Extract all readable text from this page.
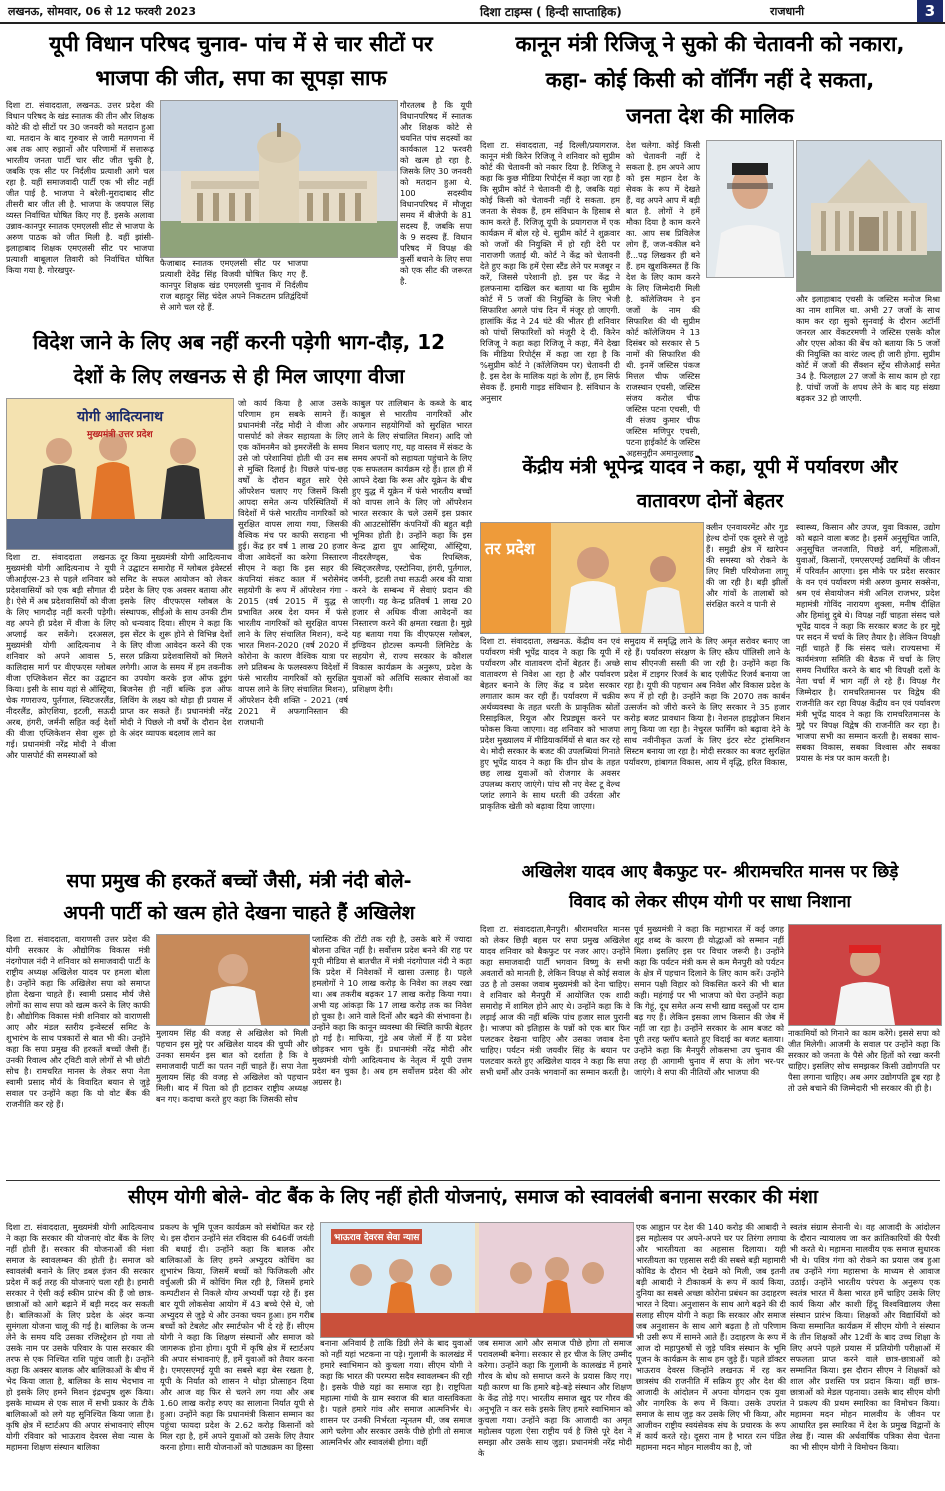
लखनऊ, सोमवार, 06 से 12 फरवरी 2023	दिशा टाइम्स ( हिन्दी साप्ताहिक)	राजधानी	3
यूपी विधान परिषद चुनाव- पांच में से चार सीटों पर
भाजपा की जीत, सपा का सूपड़ा साफ
दिशा टा. संवाददाता, लखनऊ. उत्तर प्रदेश की विधान परिषद के खंड स्नातक की तीन और शिक्षक कोटे की दो सीटों पर 30 जनवरी को मतदान हुआ था. मतदान के बाद गुरुवार से जारी मतगणना में अब तक आए रुझानों और परिणामों में सत्तारूढ़ भारतीय जनता पार्टी चार सीट जीत चुकी है, जबकि एक सीट पर निर्दलीय प्रत्याशी आगे चल रहा है. यहीं समाजवादी पार्टी एक भी सीट नहीं जीत पाई है. भाजपा ने बरेली-मुरादाबाद सीट तीसरी बार जीत ली है. भाजपा के जयपाल सिंह व्यस्त निर्वाचित घोषित किए गए हैं. इसके अलावा उन्नाव-कानपुर स्नातक एमएलसी सीट से भाजपा के अरुण पाठक को जीत मिली है. वहीं झांसी-इलाहाबाद शिक्षक एमएलसी सीट पर भाजपा प्रत्याशी बाबूलाल तिवारी को निर्वाचित घोषित किया गया है. गोरखपुर-
गौरतलब है कि यूपी विधानपरिषद में स्नातक और शिक्षक कोटे से चयनित पांच सदस्यों का कार्यकाल 12 फरवरी को खत्म हो रहा है. जिसके लिए 30 जनवरी को मतदान हुआ थे. 100 सदस्यीय विधानपरिषद में मौजूदा समय में बीजेपी के 81 सदस्य हैं, जबकि सपा के 9 सदस्य हैं. विधान परिषद में विपक्ष की कुर्सी बचाने के लिए सपा को एक सीट की जरूरत है.
फैजाबाद स्नातक एमएलसी सीट पर भाजपा प्रत्याशी देवेंद्र सिंह विजयी घोषित किए गए हैं. कानपुर शिक्षक खंड एमएलसी चुनाव में निर्दलीय राज बहादुर सिंह चंदेल अपने निकटतम प्रतिद्वंदियों से आगे चल रहे हैं.
कानून मंत्री रिजिजू ने सुको की चेतावनी को नकारा,
कहा- कोई किसी को वॉर्निंग नहीं दे सकता,
जनता देश की मालिक
दिशा टा. संवाददाता, नई दिल्ली/प्रयागराज. कानून मंत्री किरेन रिजिजू ने शनिवार को सुप्रीम कोर्ट की चेतावनी को नकार दिया है. रिजिजू ने कहा कि कुछ मीडिया रिपोर्ट्स में कहा जा रहा है कि सुप्रीम कोर्ट ने चेतावनी दी है, जबकि यहां कोई किसी को चेतावनी नहीं दे सकता. हम जनता के सेवक हैं, हम संविधान के हिसाब से काम करते हैं. रिजिजू यूपी के प्रयागराज में एक कार्यक्रम में बोल रहे थे. सुप्रीम कोर्ट ने शुक्रवार को जजों की नियुक्ति में हो रही देरी पर नाराजगी जताई थी. कोर्ट ने केंद्र को चेतावनी देते हुए कहा कि हमें ऐसा स्टैंड लेने पर मजबूर न करें, जिससे परेशानी हो. इस पर केंद्र ने हलफनामा दाखिल कर बताया था कि सुप्रीम कोर्ट में 5 जजों की नियुक्ति के लिए भेजी सिफारिश अगले पांच दिन में मंजूर हो जाएगी. हालांकि केंद्र ने 24 घंटे की भीतर ही शनिवार को पांचों सिफारिशों को मंजूरी दे दी. किरेन रिजिजू ने कहा कहा रिजिजू ने कहा, मैंने देखा कि मीडिया रिपोर्ट्स में कहा जा रहा है कि %सुप्रीम कोर्ट ने (कॉलेजियम पर) चेतावनी दी है. इस देश के मालिक यहां के लोग हैं, हम सिर्फ सेवक हैं. हमारी गाइड संविधान है. संविधान के अनुसार
देश चलेगा. कोई किसी को चेतावनी नहीं दे सकता है. हम अपने आप को इस महान देश के सेवक के रूप में देखते हैं, वह अपने आप में बड़ी बात है. लोगों ने हमें मौका दिया है काम करने का. आप सब प्रिविलेज लोग हैं, जज-वकील बने हैं...पढ़ लिखकर ही बने हैं. हम खुशकिस्मत हैं कि देश के लिए काम करने के लिए जिम्मेदारी मिली है. कॉलेजियम ने इन जजों के नाम की सिफारिश की थी सुप्रीम कोर्ट कॉलेजियम ने 13 दिसंबर को सरकार से 5 नामों की सिफारिश की थी. इनमें जस्टिस पंकज मित्तल चीफ जस्टिस राजस्थान एचसी, जस्टिस संजय करोल चीफ जस्टिस पटना एचसी, पी वी संजय कुमार चीफ जस्टिस मणिपुर एचसी, पटना हाईकोर्ट के जस्टिस अहसनुद्दीन अमानुल्लाह
और इलाहाबाद एचसी के जस्टिस मनोज मिश्रा का नाम शामिल था. अभी 27 जजों के साथ काम कर रहा सुको सुनवाई के दौरान अटॉर्नी जनरल आर वेंकटरमणी ने जस्टिस एसके कौल और एएस ओका की बेंच को बताया कि 5 जजों की नियुक्ति का वारंट जल्द ही जारी होगा. सुप्रीम कोर्ट में जजों की सैंक्शन स्ट्रेंथ सीजेआई समेत 34 है. फिलहाल 27 जजों के साथ काम हो रहा है. पांचों जजों के शपथ लेने के बाद यह संख्या बढ़कर 32 हो जाएगी.
विदेश जाने के लिए अब नहीं करनी पड़ेगी भाग-दौड़, 12
देशों के लिए लखनऊ से ही मिल जाएगा वीजा
योगी आदित्यनाथ
मुख्यमंत्री उत्तर प्रदेश
जो कार्य किया है आज उसके परिणाम हम सबके सामने हैं। प्रधानमंत्री नरेंद्र मोदी ने वीजा और पासपोर्ट को लेकर सहायता के लिए एक कॉमनमैन को इमरजेंसी के समय उसे जो परेशानियां होती थी उन सब से मुक्ति दिलाई है। पिछले पांच-छह वर्षों के दौरान बहुत सारे ऐसे ऑपरेशन चलाए गए जिसमें किसी आपदा समेत अन्य परिस्थितियों में विदेशों में फंसे भारतीय नागरिकों को सुरक्षित वापस लाया गया, जिसकी वैश्विक मंच पर काफी सराहना भी हुई। केंद्र हर वर्ष 1 लाख 20 हजार वीजा आवेदनों का करेगा निस्तारण सीएम ने कहा कि इस सहर की कंपनियां संकट काल में भरोसेमंद सहयोगी के रूप में ऑपरेशन गंगा - 2015 (वर्ष 2015 में युद्ध से प्रभावित अरब देश यमन में फंसे भारतीय नागरिकों को सुरक्षित वापस लाने के लिए संचालित मिशन), वन्दे भारत मिशन-2020 (वर्ष 2020 में कोरोना के कारण वैश्विक यात्रा पर लगे प्रतिबन्ध के फलस्वरूप विदेशों में फंसे भारतीय नागरिकों को सुरक्षित वापस लाने के लिए संचालित मिशन), ऑपरेशन देवी शक्ति - 2021 (वर्ष 2021 में अफगानिस्तान की राजधानी
काबुल पर तालिबान के कब्जे के बाद काबुल से भारतीय नागरिकों और अफगान सहयोगियों को सुरक्षित भारत लाने के लिए संचालित मिशन) आदि जो मिशन चलाए गए, यह वास्तव में संकट के समय अपनों को सहायता पहुंचाने के लिए एक सफलतम कार्यक्रम रहे हैं। हाल ही में आपने देखा कि रूस और यूक्रेन के बीच हुए युद्ध में यूक्रेन में फंसे भारतीय बच्चों को वापस लाने के लिए जो ऑपरेशन भारत सरकार के चले उसमें इस प्रकार की आउटसोर्सिंग कंपनियों की बहुत बड़ी भूमिका होती है। उन्होंने कहा कि इस केन्द्र द्वारा ग्रुप आस्ट्रिया, ऑस्ट्रिया, नीदरलैण्ड्स, चेक रिपब्लिक, स्विट्जरलैण्ड, एस्टोनिया, हंगरी, पुर्तगाल, जर्मनी, इटली तथा सऊदी अरब की यात्रा करने के सम्बन्ध में सेवाएं प्रदान की जाएगी। यह केन्द्र प्रतिवर्ष 1 लाख 20 हजार से अधिक वीजा आवेदनों का निस्तारण करने की क्षमता रखता है। मुझे यह बताया गया कि वीएफएस ग्लोबल, इण्डियन होटल्स कम्पनी लिमिटेड के सहयोग से, राज्य सरकार के कौशल विकास कार्यक्रम के अनुरूप, प्रदेश के युवाओं को अतिथि सत्कार सेवाओं का प्रशिक्षण देगी।
दिशा टा. संवाददाता लखनऊ मुख्यमंत्री योगी आदित्यनाथ ने यूपी जीआईएस-23 से पहले शनिवार को प्रदेशवासियों को एक बड़ी सौगात दी है। ऐसे में अब प्रदेशवासियों को वीजा के लिए भागदौड़ नहीं करनी पड़ेगी। वह अपने ही प्रदेश में वीजा के लिए अप्लाई कर सकेंगे। दरअसल, मुख्यमंत्री योगी आदित्यनाथ ने शनिवार को अपने आवास 5, कालिदास मार्ग पर वीएफएस ग्लोबल वीजा एप्लिकेशन सेंटर का उद्घाटन किया। इसी के साथ यहां से ऑस्ट्रिया, चेक गणराज्य, पुर्तगाल, स्विटजरलैंड, नीदरलैंड, क्रोएशिया, इटली, सऊदी अरब, हंगरी, जर्मनी सहित कई देशों की वीजा एप्लिकेशन सेवा शुरू हो गई। प्रधानमंत्री नरेंद्र मोदी ने वीजा और पासपोर्ट की समस्याओं को
दूर किया मुख्यमंत्री योगी आदित्यनाथ ने उद्घाटन समारोह में ग्लोबल इंवेस्टर्स समिट के सफल आयोजन को लेकर प्रदेश के लिए एक अवसर बताया और इसके लिए वीएफएस ग्लोबल के संस्थापक, सीईओ के साथ उनकी टीम को धन्यवाद दिया। सीएम ने कहा कि इस सेंटर के शुरू होने से विभिन्न देशों के लिए वीजा आवेदन करने की एक सरल प्रक्रिया प्रदेशवासियों को मिलने लगेगी। आज के समय में हम तकनीक का उपयोग करके इज ऑफ डूइंग बिजनेस ही नहीं बल्कि इज ऑफ लिविंग के लक्ष्य को थोड़ा ही प्रयास में प्राप्त कर सकते हैं। प्रधानमंत्री नरेंद्र मोदी ने पिछले नौ वर्षों के दौरान देश के अंदर व्यापक बदलाव लाने का
केंद्रीय मंत्री भूपेन्द्र यादव ने कहा, यूपी में पर्यावरण और
वातावरण दोनों बेहतर
तर प्रदेश
क्लीन एनवायरमेंट और गुड हेल्थ दोनों एक दूसरे से जुड़े हैं। समुद्री क्षेत्र में खारेपन की समस्या को रोकने के लिए मिष्टी परियोजना लागू की जा रही है। बड़ी झीलों और गांवों के तालाबों को संरक्षित करने व पानी से
स्वास्थ्य, किसान और उपज, युवा विकास, उद्योग को बढ़ाने वाला बजट है। इसमें अनुसूचित जाति, अनुसूचित जनजाति, पिछड़े वर्ग, महिलाओं, युवाओं, किसानों, एमएसएमई उद्यमियों के जीवन में परिवर्तन आएगा। इस मौके पर प्रदेश सरकार के वन एवं पर्यावरण मंत्री अरुण कुमार सक्सेना, श्रम एवं सेवायोजन मंत्री अनिल राजभर, प्रदेश महामंत्री गोविंद नारायण शुक्ला, मनीष दीक्षित और हिमांशु दुबे थे। विपक्ष नहीं चाहता संसद चले भूपेंद्र यादव ने कहा कि सरकार बजट के हर मुद्दे पर सदन में चर्चा के लिए तैयार है। लेकिन विपक्षी नहीं चाहते हैं कि संसद चले। राज्यसभा में कार्यमंत्रणा समिति की बैठक में चर्चा के लिए समय निर्धारित करने के बाद भी विपक्षी दलों के नेता चर्चा में भाग नहीं ले रहे हैं। विपक्ष गैर जिम्मेदार है। रामचरितमानस पर विद्वेष की राजनीति कर रहा विपक्ष केंद्रीय वन एवं पर्यावरण मंत्री भूपेंद्र यादव ने कहा कि रामचरितमानस के मुद्दे पर विपक्ष विद्वेष की राजनीति कर रहा है। भाजपा सभी का सम्मान करती है। सबका साथ-सबका विकास, सबका विश्वास और सबका प्रयास के मंत्र पर काम करती है।
दिशा टा. संवाददाता, लखनऊ. केंद्रीय वन एवं पर्यावरण मंत्री भूपेंद्र यादव ने कहा कि यूपी में पर्यावरण और वातावरण दोनों बेहतर हैं। अच्छे वातावरण से निवेश आ रहा है और पर्यावरण बेहतर बनाने के लिए केंद्र व प्रदेश सरकार लगातार काम कर रही हैं। पर्यावरण में चक्रीय अर्थव्यवस्था के तहत धरती के प्राकृतिक स्रोतों रिसाइकिल, रियूज और रिप्रड्यूस करने पर फोकस किया जाएगा। वह शनिवार को भाजपा प्रदेश मुख्यालय में मीडियाकर्मियों से बात कर रहे थे। मोदी सरकार के बजट की उपलब्धियां गिनाते हुए भूपेंद्र यादव ने कहा कि ग्रीन ग्रोथ के तहत छह लाख युवाओं को रोजगार के अवसर उपलब्ध कराए जाएंगे। पांच सौ नए वेस्ट टू वेल्थ प्लांट लगाने के साथ धरती की उर्वरता और प्राकृतिक खेती को बढ़ावा दिया जाएगा।
समुदाय में समृद्धि लाने के लिए अमृत सरोवर बनाए जा रहे हैं। पर्यावरण संरक्षण के लिए स्क्रैप पॉलिसी लाने के साथ सीएनजी सस्ती की जा रही है। उन्होंने कहा कि प्रदेश में टाइगर रिजर्व के बाद एलीफेंट रिजर्व बनाया जा रहा है। यूपी की पहचान अब निवेश और विकास प्रदेश के रूप में हो रही है। उन्होंने कहा कि 2070 तक कार्बन उत्सर्जन को जीरो करने के लिए सरकार ने 35 हजार करोड़ बजट प्रावधान किया है। नेशनल हाइड्रोजन मिशन लागू किया जा रहा है। नेचुरल फार्मिंग को बढ़ावा देने के साथ नवीनीकृत ऊर्जा के लिए इंटर स्टेट ट्रांसमिशन सिस्टम बनाया जा रहा है। मोदी सरकार का बजट सुरक्षित पर्यावरण, हांबागत विकास, आय में वृद्धि, हरित विकास,
सपा प्रमुख की हरकतें बच्चों जैसी, मंत्री नंदी बोले-
अपनी पार्टी को खत्म होते देखना चाहते हैं अखिलेश
दिशा टा. संवाददाता, वाराणसी उत्तर प्रदेश की योगी सरकार के औद्योगिक विकास मंत्री नंदगोपाल नंदी ने शनिवार को समाजवादी पार्टी के राष्ट्रीय अध्यक्ष अखिलेश यादव पर हमला बोला है। उन्होंने कहा कि अखिलेश सपा को समाप्त होता देखना चाहते हैं। स्वामी प्रसाद मौर्य जैसे लोगों का साथ सपा को खत्म करने के लिए काफी है। औद्योगिक विकास मंत्री शनिवार को वाराणसी आए और मंडल स्तरीय इन्वेस्टर्स समिट के शुभारंभ के साथ पत्रकारों से बात भी की। उन्होंने कहा कि सपा प्रमुख की हरकतें बच्चों जैसी हैं। उनकी रिवाल्व और ट्विटी वाले लोगों से भी छोटी सोच है। रामचरित मानस के लेकर सपा नेता स्वामी प्रसाद मौर्य के विवादित बयान से जुड़े सवाल पर उन्होंने कहा कि यो वोट बैंक की राजनीति कर रहे हैं।
मुलायम सिंह की वजह से अखिलेश को मिली पहचान इस मुद्दे पर अखिलेश यादव की चुप्पी और उनका समर्थन इस बात को दर्शाता है कि वे समाजवादी पार्टी का पतन नहीं चाहते हैं। सपा नेता मुलायम सिंह की वजह से अखिलेश को पहचान मिली। बाद में पिता को ही हटाकर राष्ट्रीय अध्यक्ष बन गए। कदाचा करते हुए कहा कि जिसकी सोच
प्लास्टिक की टोंटी तक रही है, उसके बारे में ज्यादा बोलना उचित नहीं है। सर्वोत्तम प्रदेश बनने की राह पर यूपी मीडिया से बातचीत में मंत्री नंदगोपाल नंदी ने कहा कि प्रदेश में निवेशकों में खासा उत्साह है। पहले हमलोगों ने 10 लाख करोड़ के निवेश का लक्ष्य रखा था। अब तकरीब बढ़कर 17 लाख करोड़ किया गया। अभी यह आंकड़ा कि 17 लाख करोड़ तक का निवेश हो चुका है। आने वाले दिनों और बढ़ने की संभावना है। उन्होंने कहा कि कानून व्यवस्था की स्थिति काफी बेहतर हो गई है। माफिया, गुंडे अब जेलों में हैं या प्रदेश छोड़कर भाग चुके हैं। प्रधानमंत्री नरेंद्र मोदी और मुख्यमंत्री योगी आदित्यनाथ के नेतृत्व में यूपी उत्तम प्रदेश बन चुका है। अब हम सर्वोत्तम प्रदेश की ओर अग्रसर है।
अखिलेश यादव आए बैकफुट पर- श्रीरामचरित मानस पर छिड़े
विवाद को लेकर सीएम योगी पर साधा निशाना
दिशा टा. संवाददाता,मैनपुरी। श्रीरामचरित मानस को लेकर छिड़ी बहस पर सपा प्रमुख अखिलेश यादव शनिवार को बैकफुट पर नजर आए। उन्होंने कहा समाजवादी पार्टी भगवान विष्णु के सभी अवतारों को मानती है, लेकिन विपक्ष से कोई सवाल उठ है तो उसका जवाब मुख्यमंत्री को देना चाहिए। वे शनिवार को मैनपुरी में आयोजित एक शादी समारोह में शामिल होने आए थे। उन्होंने कहा कि वे लड़ाई आज की नहीं बल्कि पांच हजार साल पुरानी है। भाजपा को इतिहास के पन्नों को एक बार फिर पलटकर देखना चाहिए और उसका जवाब देना चाहिए। पर्यटन मंत्री जयवीर सिंह के बयान पर पलटवार करते हुए अखिलेश यादव ने कहा कि सपा सभी धर्मों और उनके भगवानों का सम्मान करती है।
पूर्व मुख्यमंत्री ने कहा कि महाभारत में कई जगह शूद्र शब्द के कारण ही योद्धाओं को सम्मान नहीं मिला। इसलिए इस पर विचार जरूरी है। उन्होंने कहा कि पर्यटन मंत्री कम से कम मैनपुरी को पर्यटन के क्षेत्र में पहचान दिलाने के लिए काम करें। उन्होंने समान पक्षी विहार को विकसित करने की भी बात कही। महंगाई पर भी भाजपा को घेरा उन्होंने कहा कि गेहूं, दूध समेत अन्य सभी खाद्य वस्तुओं पर दाम बढ़ गए हैं। लेकिन इसका लाभ किसान की जेब में नहीं जा रहा है। उन्होंने सरकार के आम बजट को पूरी तरह फ्लॉप बताते हुए विदाई का बजट बताया। उन्होंने कहा कि मैनपुरी लोकसभा उप चुनाव की तरह ही आगामी चुनाव में सपा के लोग भर-पर जाएंगे। वे सपा की नीतियों और भाजपा की
नाकामियों को गिनाने का काम करेंगे। इससे सपा को जीत मिलेगी। आजमी के सवाल पर उन्होंने कहा कि सरकार को जनता के पैसे और हितों को रखा करनी चाहिए। इसलिए सोच समझकर किसी उद्योगपति पर पैसा लगाना चाहिए। अब अगर उद्योगपति डूब रहा है तो उसे बचाने की जिम्मेदारी भी सरकार की ही है।
सीएम योगी बोले- वोट बैंक के लिए नहीं होती योजनाएं, समाज को स्वावलंबी बनाना सरकार की मंशा
दिशा टा. संवाददाता, मुख्यमंत्री योगी आदित्यनाथ ने कहा कि सरकार की योजनाएं वोट बैंक के लिए नहीं होती हैं। सरकार की योजनाओं की मंशा समाज के स्वावलम्बन की होती है। समाज को स्वावलंबी बनाने के लिए डबल इंजन की सरकार प्रदेश में कई तरह की योजनाएं चला रही है। हमारी सरकार ने ऐसी कई स्कीम प्रारंभ की हैं जो छात्र-छात्राओं को आगे बढ़ाने में बड़ी मदद कर सकती है। बालिकाओं के लिए प्रदेश के अंदर कन्या सुमंगला योजना चालू की गई है। बालिका के जन्म लेने के समय यदि उसका रजिस्ट्रेशन हो गया तो उसके नाम पर उसके परिवार के पास सरकार की तरफ से एक निश्चित राशि पहुंच जाती है। उन्होंने कहा कि अक्सर बालक और बालिकाओं के बीच में भेद किया जाता है, बालिका के साथ भेदभाव ना हो इसके लिए हमने मिशन इंद्रधनुष शुरू किया। इसके माध्यम से एक साल में सभी प्रकार के टीके बालिकाओं को लगे यह सुनिश्चित किया जाता है। कृषि क्षेत्र में स्टार्टअप की अपार संभावनाएं सीएम योगी रविवार को भाऊराव देवरस सेवा न्यास के महामना शिक्षण संस्थान बालिका
प्रकल्प के भूमि पूजन कार्यक्रम को संबोधित कर रहे थे। इस दौरान उन्होंने संत रविदास की 646वीं जयंती की बधाई दी। उन्होंने कहा कि बालक और बालिकाओं के लिए हमने अभ्युदय कोचिंग का शुभारंभ किया, जिसमें बच्चों को फिजिकली और वर्चुअली फ्री में कोचिंग मिल रही है, जिसमें हमारे कम्पटीशन से निकले योग्य अभ्यर्थी पढ़ा रहे हैं। इस बार यूपी लोकसेवा आयोग में 43 बच्चे ऐसे थे, जो अभ्युदय से जुड़े थे और उनका चयन हुआ। हम गरीब बच्चों को टेबलेट और स्मार्टफोन भी दे रहे हैं। सीएम योगी ने कहा कि शिक्षण संस्थानों और समाज को जागरूक होना होगा। यूपी में कृषि क्षेत्र में स्टार्टअप की अपार संभावनाएं हैं, हमें युवाओं को तैयार करना है। एमएसएमई यूपी का सबसे बड़ा बेस रखता है, यूपी के निर्यात को शासन ने थोड़ा प्रोत्साहन दिया और आज वह फिर से चलने लग गया और अब 1.60 लाख करोड़ रुपए का सालाना निर्यात यूपी से हुआ। उन्होंने कहा कि प्रधानमंत्री किसान सम्मान का पहुंचा फायदा प्रदेश के 2.62 करोड़ किसानों को मिल रहा है, हमें अपने युवाओं को उसके लिए तैयार करना होगा। सारी योजनाओं को पाठ्यक्रम का हिस्सा
भाऊराव देवरस सेवा न्यास
बनाना अनिवार्य है ताकि डिग्री लेने के बाद युवाओं को नहीं यहां भटकना ना पड़े। गुलामी के कालखंड में हमारे स्वाभिमान को कुचला गया। सीएम योगी ने कहा कि भारत की परम्परा सदैव स्वावलम्बन की रही है। इसके पीछे यहां का समाज रहा है। राष्ट्रपिता महात्मा गांधी के ग्राम स्वराज की बात वास्तविकता है। पहले हमारे गांव और समाज आत्मनिर्भर थे। शासन पर उनकी निर्भरता न्यूनतम थी, जब समाज आगे चलेगा और सरकार उसके पीछे होगी तो समाज आत्मनिर्भर और स्वावलंबी होगा। वहीं
जब समाज आगे और समाज पीछे होगा तो समाज परावलम्बी बनेगा। सरकार से हर चीज के लिए उम्मीद करेगा। उन्होंने कहा कि गुलामी के कालखंड में हमारे गौरव के बोध को समाप्त करने के प्रयास किए गए। यही कारण था कि हमारे बड़े-बड़े संस्थान और शिक्षण के केंद्र तोड़े गए। भारतीय समाज खुद पर गौरव की अनुभूति न कर सके इसके लिए हमारे स्वाभिमान को कुचला गया। उन्होंने कहा कि आजादी का अमृत महोत्सव पहला ऐसा राष्ट्रीय पर्व है जिसे पूरे देश ने समझा और उसके साथ जुड़ा। प्रधानमंत्री नरेंद्र मोदी के
एक आह्वान पर देश की 140 करोड़ की आबादी ने इस महोत्सव पर अपने-अपने घर पर तिरंगा लगाया और भारतीयता का अहसास दिलाया। यही भारतीयता का एहसास सदी की सबसे बड़ी महामारी कोविड के दौरान भी देखने को मिली, जब इतनी बड़ी आबादी ने टीकाकर्म के रूप में कार्य किया, दुनिया का सबसे अच्छा कोरोना प्रबंधन का उदाहरण भारत ने दिया। अनुशासन के साथ आगे बढ़ने की दी सलाह सीएम योगी ने कहा कि सरकार और समाज जब अनुशासन के साथ आगे बढ़ता है तो परिणाम भी उसी रूप में सामने आते हैं। उदाहरण के रूप में आज दो महापुरुषों से जुड़े पवित्र संस्थान के भूमि पूजन के कार्यक्रम के साथ हम जुड़े हैं। पहले डॉक्टर भाऊराव देवरस जिन्होंने लखनऊ में रह कर छात्रसंघ की राजनीति में सक्रिय हुए और देश की आजादी के आंदोलन में अपना योगदान एक युवा और नागरिक के रूप में किया। उसके उपरांत समाज के साथ जुड़ कर उसके लिए भी किया, और आजीवन राष्ट्रीय स्वयंसेवक संघ के प्रचारक के रूप में कार्य करते रहे। दूसरा नाम है भारत रत्न पंडित महामना मदन मोहन मालवीय का है, जो
स्वतंत्र संग्राम सेनानी थे। वह आजादी के आंदोलन के दौरान न्यायालय जा कर क्रांतिकारियों की पैरवी भी करते थे। महामना मालवीय एक समाज सुधारक भी थे। पवित्र गंगा को रोकने का प्रयास जब हुआ तब उन्होंने गंगा महासभा के माध्यम से आवाज उठाई। उन्होंने भारतीय परंपरा के अनुरूप एक स्वतंत्र भारत में कैसा भारत हमें चाहिए उसके लिए कार्य किया और काशी हिंदू विश्वविद्यालय जैसा संस्थान प्रारंभ किया। शिक्षकों और विद्यार्थियों को किया सम्मानित कार्यक्रम में सीएम योगी ने संस्थान के तीन शिक्षकों और 12वीं के बाद उच्च शिक्षा के लिए अपने पहले प्रयास में प्रतियोगी परीक्षाओं में सफलता प्राप्त करने वाले छात्र-छात्राओं को सम्मानित किया। इस दौरान सीएम ने शिक्षकों को शाल और प्रशस्ति पत्र प्रदान किया। वहीं छात्र-छात्राओं को मेडल पहनाया। उसके बाद सीएम योगी ने प्रकल्प की प्रथम स्मारिका का विमोचन किया। महामना मदन मोहन मालवीय के जीवन पर आधारित इस स्मारिका में देश के प्रमुख विद्वानों के लेख हैं। न्यास की अर्धवार्षिक पत्रिका सेवा चेतना का भी सीएम योगी ने विमोचन किया।
